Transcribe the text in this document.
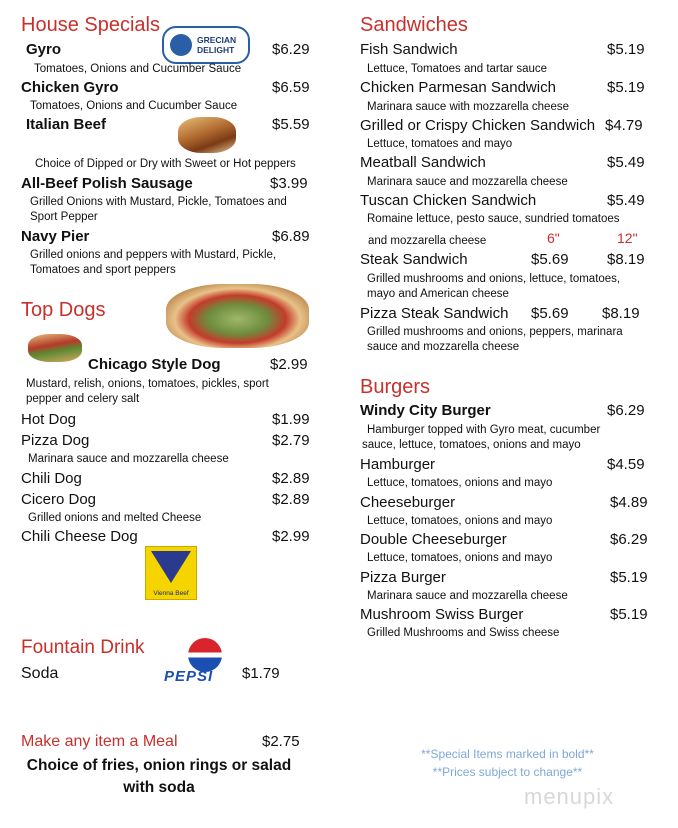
House Specials
GRECIAN DELIGHT
Gyro	$6.29
Tomatoes, Onions and Cucumber Sauce
Chicken Gyro	$6.59
Tomatoes, Onions and Cucumber Sauce
Italian Beef	$5.59
Choice of Dipped or Dry with Sweet or Hot peppers
All-Beef Polish Sausage	$3.99
Grilled Onions with Mustard, Pickle, Tomatoes and Sport Pepper
Navy Pier	$6.89
Grilled onions and peppers with Mustard, Pickle, Tomatoes and sport peppers
Top Dogs
Chicago Style Dog	$2.99
Mustard, relish, onions, tomatoes, pickles, sport pepper and celery salt
Hot Dog	$1.99
Pizza Dog	$2.79
Marinara sauce and mozzarella cheese
Chili Dog	$2.89
Cicero Dog	$2.89
Grilled onions and melted Cheese
Chili Cheese Dog	$2.99
Vienna Beef
Fountain Drink
Soda	PEPSI $1.79
Make any item a Meal	$2.75
Choice of fries, onion rings or salad
with soda
Sandwiches
Fish Sandwich	$5.19
Lettuce, Tomatoes and tartar sauce
Chicken Parmesan Sandwich	$5.19
Marinara sauce with mozzarella cheese
Grilled or Crispy Chicken Sandwich $4.79
Lettuce, tomatoes and mayo
Meatball Sandwich	$5.49
Marinara sauce and mozzarella cheese
Tuscan Chicken Sandwich	$5.49
Romaine lettuce, pesto sauce, sundried tomatoes
and mozzarella cheese	6"	12"
Steak Sandwich	$5.69	$8.19
Grilled mushrooms and onions, lettuce, tomatoes, mayo and American cheese
Pizza Steak Sandwich $5.69 $8.19
Grilled mushrooms and onions, peppers, marinara sauce and mozzarella cheese
Burgers
Windy City Burger	$6.29
Hamburger topped with Gyro meat, cucumber sauce, lettuce, tomatoes, onions and mayo
Hamburger	$4.59
Lettuce, tomatoes, onions and mayo
Cheeseburger	$4.89
Lettuce, tomatoes, onions and mayo
Double Cheeseburger	$6.29
Lettuce, tomatoes, onions and mayo
Pizza Burger	$5.19
Marinara sauce and mozzarella cheese
Mushroom Swiss Burger	$5.19
Grilled Mushrooms and Swiss cheese
**Special Items marked in bold**
**Prices subject to change**
menupix
